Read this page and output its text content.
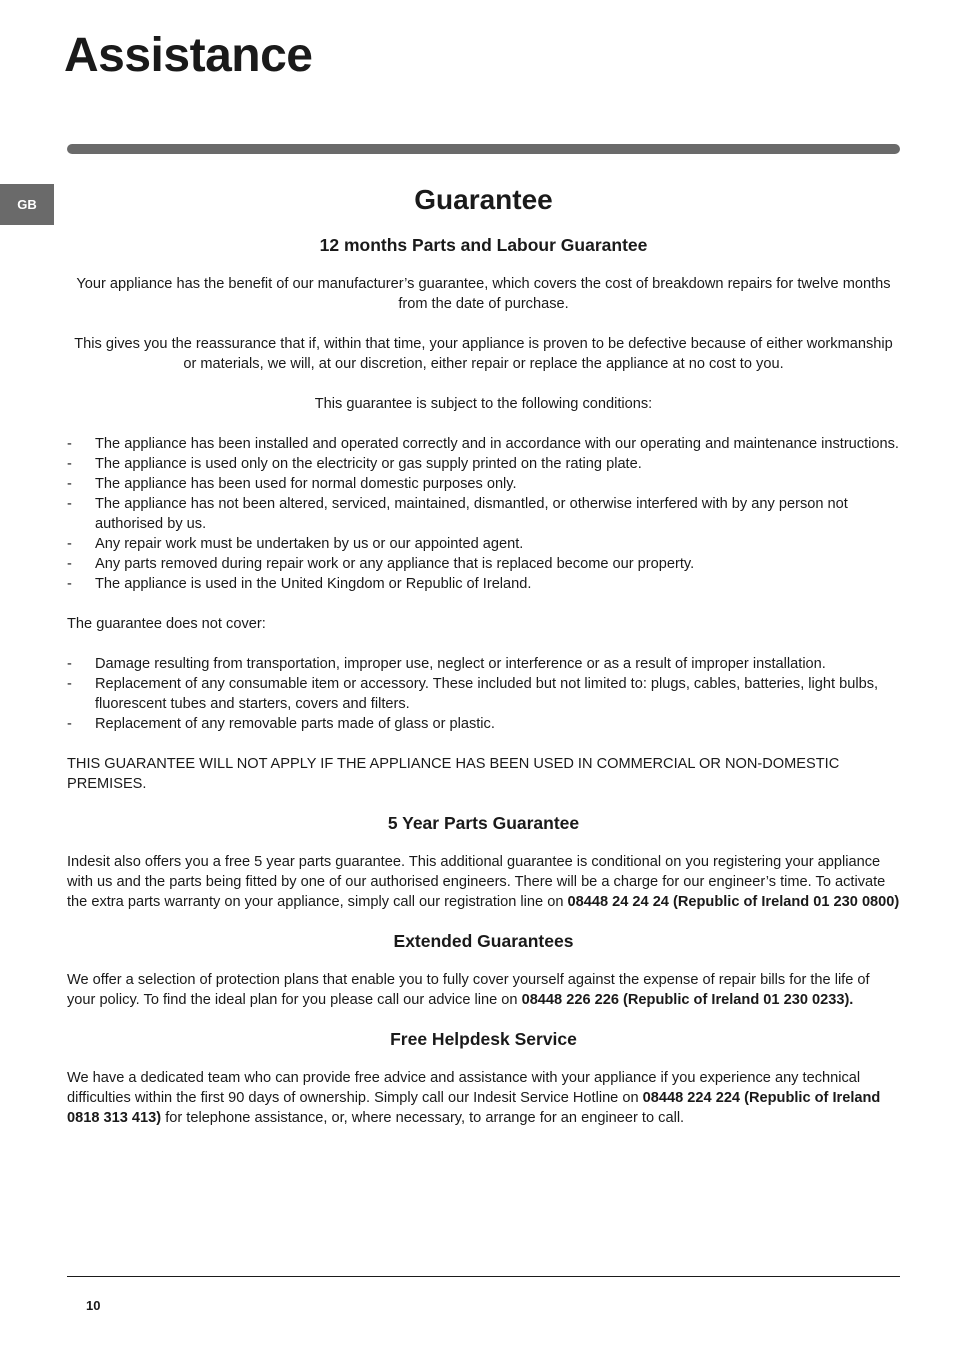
Assistance
GB	Guarantee
12 months Parts and Labour Guarantee

Your appliance has the benefit of our manufacturer’s guarantee, which covers the cost of breakdown repairs for twelve months from the date of purchase.

This gives you the reassurance that if, within that time, your appliance is proven to be defective because of either workmanship or materials, we will, at our discretion, either repair or replace the appliance at no cost to you.

This guarantee is subject to the following conditions:

- The appliance has been installed and operated correctly and in accordance with our operating and maintenance instructions.
- The appliance is used only on the electricity or gas supply printed on the rating plate.
- The appliance has been used for normal domestic purposes only.
- The appliance has not been altered, serviced, maintained, dismantled, or otherwise interfered with by any person not authorised by us.
- Any repair work must be undertaken by us or our appointed agent.
- Any parts removed during repair work or any appliance that is replaced become our property.
- The appliance is used in the United Kingdom or Republic of Ireland.

The guarantee does not cover:

- Damage resulting from transportation, improper use, neglect or interference or as a result of improper installation.
- Replacement of any consumable item or accessory. These included but not limited to: plugs, cables, batteries, light bulbs, fluorescent tubes and starters, covers and filters.
- Replacement of any removable parts made of glass or plastic.

THIS GUARANTEE WILL NOT APPLY IF THE APPLIANCE HAS BEEN USED IN COMMERCIAL OR NON-DOMESTIC PREMISES.

5 Year Parts Guarantee

Indesit also offers you a free 5 year parts guarantee. This additional guarantee is conditional on you registering your appliance with us and the parts being fitted by one of our authorised engineers. There will be a charge for our engineer’s time. To activate the extra parts warranty on your appliance, simply call our registration line on 08448 24 24 24 (Republic of Ireland 01 230 0800)

Extended Guarantees

We offer a selection of protection plans that enable you to fully cover yourself against the expense of repair bills for the life of your policy. To find the ideal plan for you please call our advice line on 08448 226 226 (Republic of Ireland 01 230 0233).

Free Helpdesk Service

We have a dedicated team who can provide free advice and assistance with your appliance if you experience any technical difficulties within the first 90 days of ownership. Simply call our Indesit Service Hotline on 08448 224 224 (Republic of Ireland 0818 313 413) for telephone assistance, or, where necessary, to arrange for an engineer to call.

10
